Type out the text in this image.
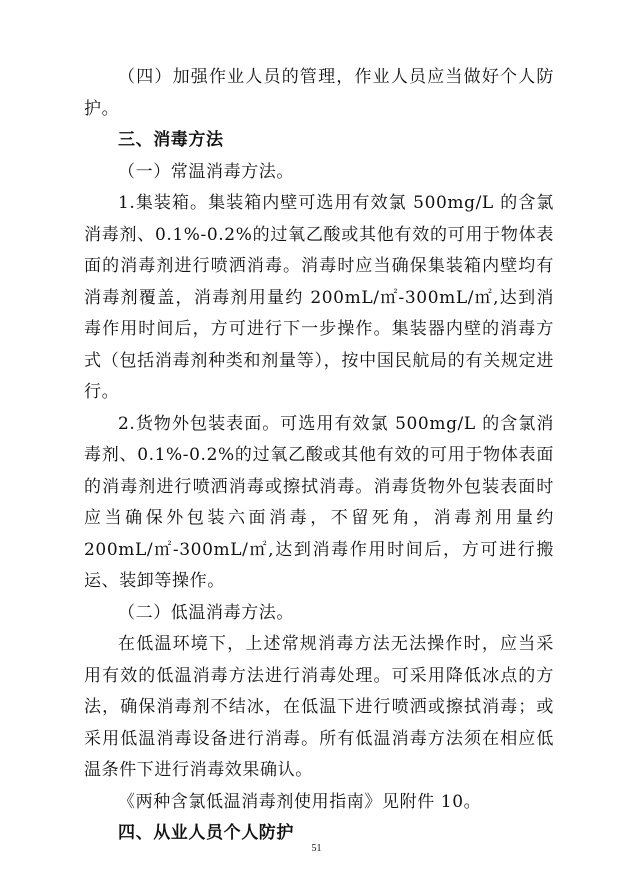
（四）加强作业人员的管理，作业人员应当做好个人防护。

三、消毒方法

（一）常温消毒方法。

1.集装箱。集装箱内壁可选用有效氯 500mg/L 的含氯消毒剂、0.1%-0.2%的过氧乙酸或其他有效的可用于物体表面的消毒剂进行喷洒消毒。消毒时应当确保集装箱内壁均有消毒剂覆盖，消毒剂用量约 200mL/㎡-300mL/㎡,达到消毒作用时间后，方可进行下一步操作。集装器内壁的消毒方式（包括消毒剂种类和剂量等），按中国民航局的有关规定进行。

2.货物外包装表面。可选用有效氯 500mg/L 的含氯消毒剂、0.1%-0.2%的过氧乙酸或其他有效的可用于物体表面的消毒剂进行喷洒消毒或擦拭消毒。消毒货物外包装表面时应当确保外包装六面消毒，不留死角，消毒剂用量约 200mL/㎡-300mL/㎡,达到消毒作用时间后，方可进行搬运、装卸等操作。

（二）低温消毒方法。

在低温环境下，上述常规消毒方法无法操作时，应当采用有效的低温消毒方法进行消毒处理。可采用降低冰点的方法，确保消毒剂不结冰，在低温下进行喷洒或擦拭消毒；或采用低温消毒设备进行消毒。所有低温消毒方法须在相应低温条件下进行消毒效果确认。

《两种含氯低温消毒剂使用指南》见附件 10。

四、从业人员个人防护

51
